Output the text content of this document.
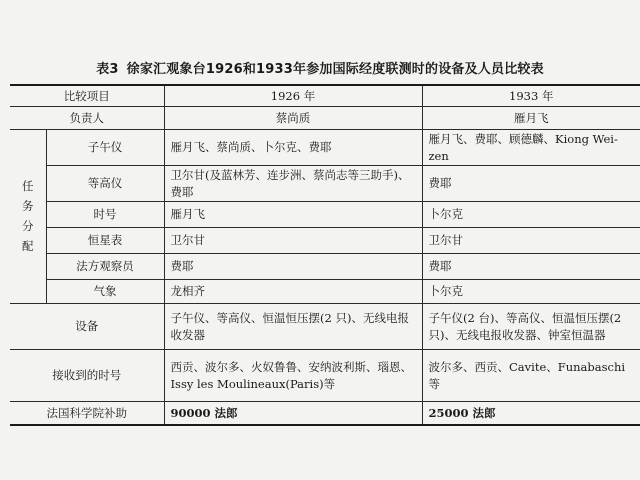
表3 徐家汇观象台1926和1933年参加国际经度联测时的设备及人员比较表
比较项目		1926 年	1933 年
负责人		蔡尚质	雁月飞

任
务
分
配	子午仪	雁月飞、蔡尚质、卜尔克、费耶	雁月飞、费耶、顾德麟、Kiong Wei-zen
	等高仪	卫尔甘(及蓝林芳、连步洲、蔡尚志等三助手)、费耶	费耶
	时号	雁月飞	卜尔克
	恒星表	卫尔甘	卫尔甘
	法方观察员	费耶	费耶
	气象	龙相齐	卜尔克
设备		子午仪、等高仪、恒温恒压摆(2 只)、无线电报收发器	子午仪(2 台)、等高仪、恒温恒压摆(2 只)、无线电报收发器、钟室恒温器
接收到的时号		西贡、波尔多、火奴鲁鲁、安纳波利斯、瑙恩、Issy les Moulineaux(Paris)等	波尔多、西贡、Cavite、Funabaschi 等
法国科学院补助		90000 法郎	25000 法郎
